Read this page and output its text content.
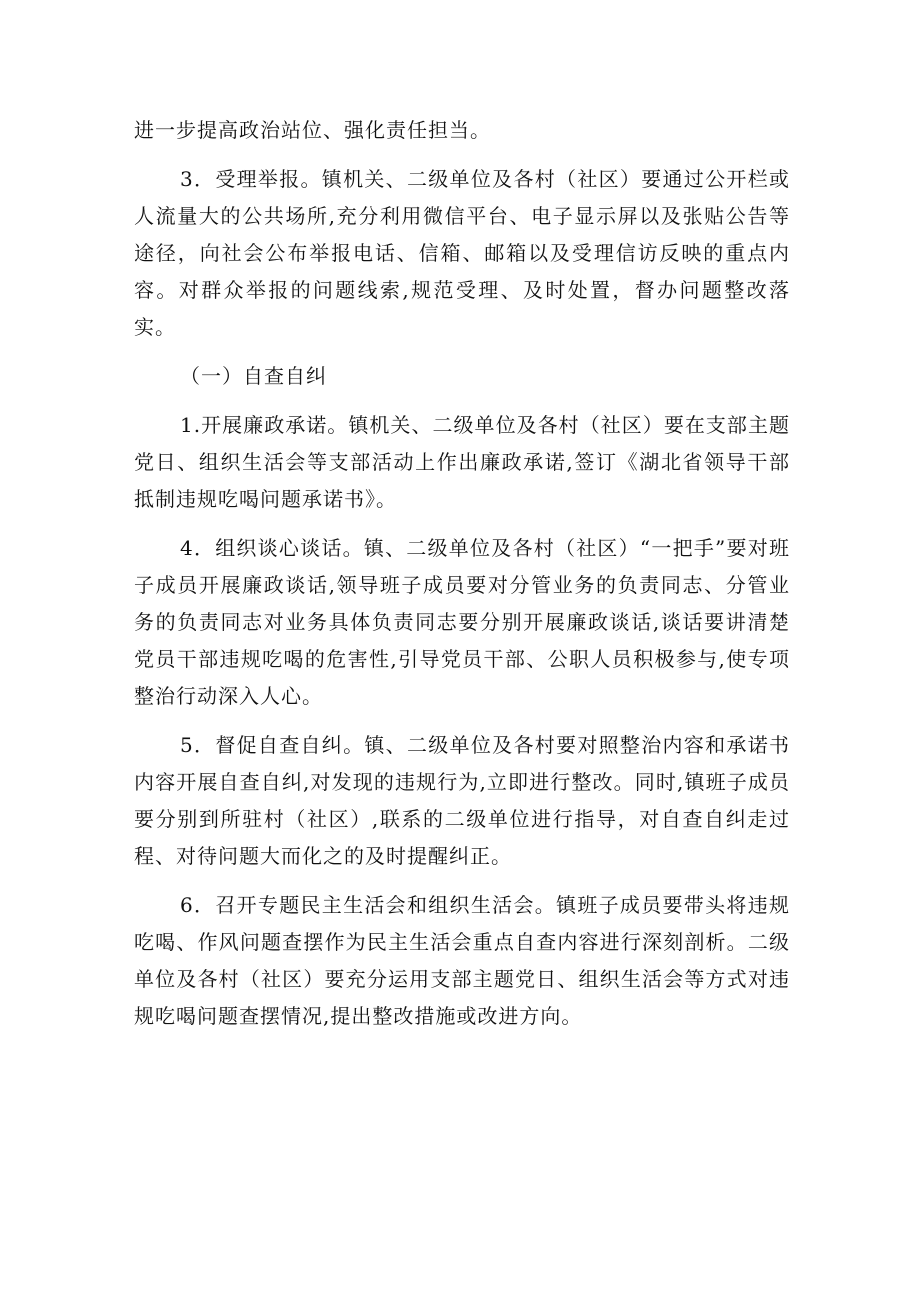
进一步提高政治站位、强化责任担当。

3．受理举报。镇机关、二级单位及各村（社区）要通过公开栏或人流量大的公共场所,充分利用微信平台、电子显示屏以及张贴公告等途径，向社会公布举报电话、信箱、邮箱以及受理信访反映的重点内容。对群众举报的问题线索,规范受理、及时处置，督办问题整改落实。

（一）自查自纠

1.开展廉政承诺。镇机关、二级单位及各村（社区）要在支部主题党日、组织生活会等支部活动上作出廉政承诺,签订《湖北省领导干部抵制违规吃喝问题承诺书》。

4．组织谈心谈话。镇、二级单位及各村（社区）“一把手”要对班子成员开展廉政谈话,领导班子成员要对分管业务的负责同志、分管业务的负责同志对业务具体负责同志要分别开展廉政谈话,谈话要讲清楚党员干部违规吃喝的危害性,引导党员干部、公职人员积极参与,使专项整治行动深入人心。

5．督促自查自纠。镇、二级单位及各村要对照整治内容和承诺书内容开展自查自纠,对发现的违规行为,立即进行整改。同时,镇班子成员要分别到所驻村（社区）,联系的二级单位进行指导，对自查自纠走过程、对待问题大而化之的及时提醒纠正。

6．召开专题民主生活会和组织生活会。镇班子成员要带头将违规吃喝、作风问题查摆作为民主生活会重点自查内容进行深刻剖析。二级单位及各村（社区）要充分运用支部主题党日、组织生活会等方式对违规吃喝问题查摆情况,提出整改措施或改进方向。
